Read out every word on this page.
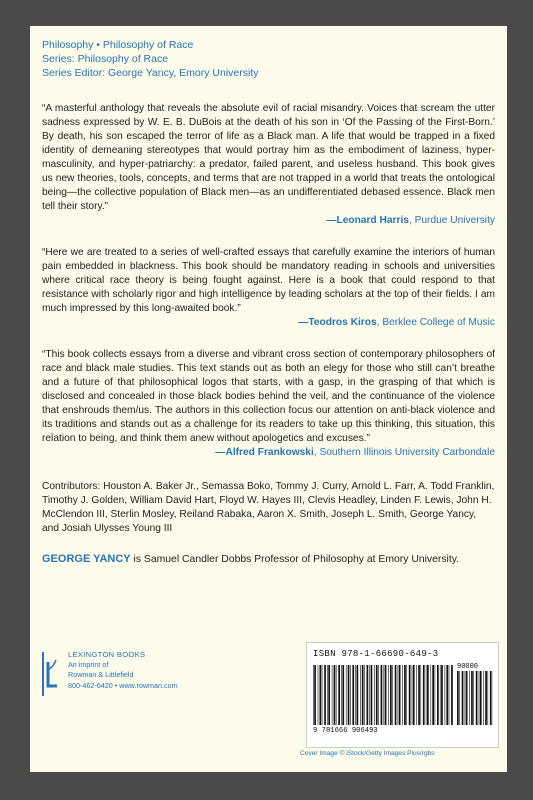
Philosophy • Philosophy of Race
Series: Philosophy of Race
Series Editor: George Yancy, Emory University
“A masterful anthology that reveals the absolute evil of racial misandry. Voices that scream the utter sadness expressed by W. E. B. DuBois at the death of his son in ‘Of the Passing of the First-Born.’ By death, his son escaped the terror of life as a Black man. A life that would be trapped in a fixed identity of demeaning stereotypes that would portray him as the embodiment of laziness, hyper-masculinity, and hyper-patriarchy: a predator, failed parent, and useless husband. This book gives us new theories, tools, concepts, and terms that are not trapped in a world that treats the ontological being—the collective population of Black men—as an undifferentiated debased essence. Black men tell their story.”
—Leonard Harris, Purdue University
“Here we are treated to a series of well-crafted essays that carefully examine the interiors of human pain embedded in blackness. This book should be mandatory reading in schools and universities where critical race theory is being fought against. Here is a book that could respond to that resistance with scholarly rigor and high intelligence by leading scholars at the top of their fields. I am much impressed by this long-awaited book.”
—Teodros Kiros, Berklee College of Music
“This book collects essays from a diverse and vibrant cross section of contemporary philosophers of race and black male studies. This text stands out as both an elegy for those who still can’t breathe and a future of that philosophical logos that starts, with a gasp, in the grasping of that which is disclosed and concealed in those black bodies behind the veil, and the continuance of the violence that enshrouds them/us. The authors in this collection focus our attention on anti-black violence and its traditions and stands out as a challenge for its readers to take up this thinking, this situation, this relation to being, and think them anew without apologetics and excuses.”
—Alfred Frankowski, Southern Illinois University Carbondale
Contributors: Houston A. Baker Jr., Semassa Boko, Tommy J. Curry, Arnold L. Farr, A. Todd Franklin, Timothy J. Golden, William David Hart, Floyd W. Hayes III, Clevis Headley, Linden F. Lewis, John H. McClendon III, Sterlin Mosley, Reiland Rabaka, Aaron X. Smith, Joseph L. Smith, George Yancy, and Josiah Ulysses Young III
GEORGE YANCY is Samuel Candler Dobbs Professor of Philosophy at Emory University.
LEXINGTON BOOKS
An imprint of
Rowman & Littlefield
800-462-6420 • www.rowman.com
ISBN 978-1-66690-649-3
90000
9 781666 906493
Cover Image © iStock/Getty Images Plus/rgbs
